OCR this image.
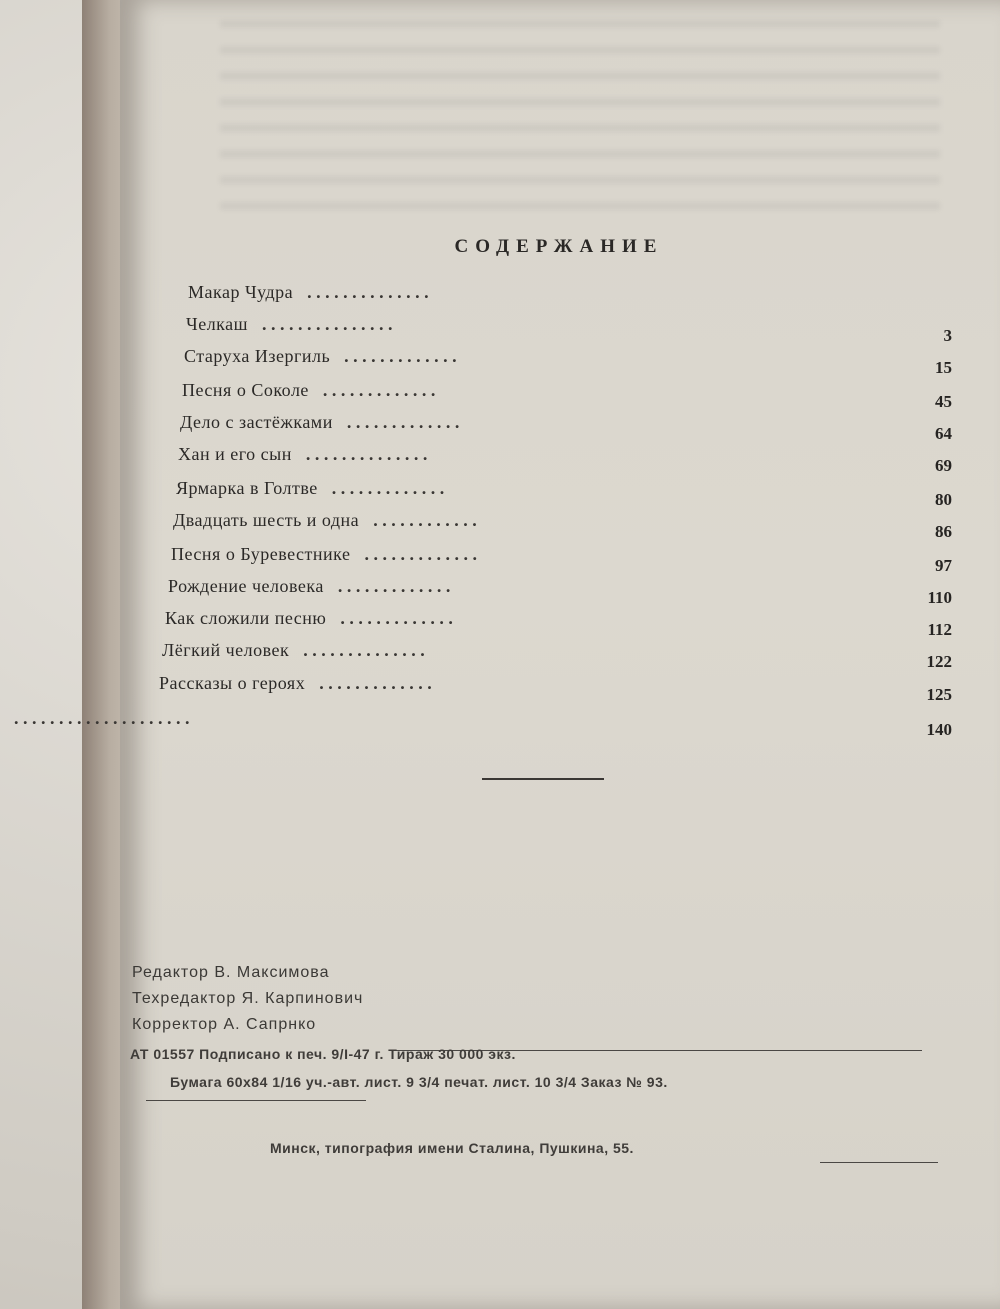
СОДЕРЖАНИЕ
Макар Чудра . . . . . . . . . . . . . .
Челкаш . . . . . . . . . . . . . . .
3
Старуха Изергиль . . . . . . . . . . . . .
15
Песня о Соколе . . . . . . . . . . . . .
45
Дело с застёжками . . . . . . . . . . . . .
64
Хан и его сын . . . . . . . . . . . . . .
69
Ярмарка в Голтве . . . . . . . . . . . . .
80
Двадцать шесть и одна . . . . . . . . . . . .
86
Песня о Буревестнике . . . . . . . . . . . . .
97
Рождение человека . . . . . . . . . . . . .
110
Как сложили песню . . . . . . . . . . . . .
112
Лёгкий человек . . . . . . . . . . . . . .
122
Рассказы о героях . . . . . . . . . . . . .
125
. . . . . . . . . . . . . . . . . . . .
140
Редактор В. Максимова
Техредактор Я. Карпинович
Корректор А. Сапрнко
АТ 01557 Подписано к печ. 9/I-47 г. Тираж 30 000 экз.
Бумага 60x84 1/16 уч.-авт. лист. 9 3/4 печат. лист. 10 3/4 Заказ № 93.
Минск, типография имени Сталина, Пушкина, 55.
